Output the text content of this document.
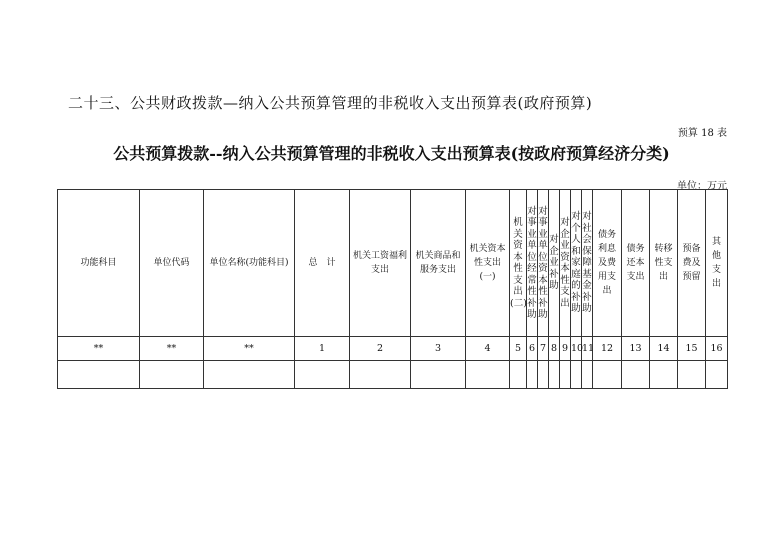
二十三、公共财政拨款—纳入公共预算管理的非税收入支出预算表(政府预算)
预算 18 表
公共预算拨款--纳入公共预算管理的非税收入支出预算表(按政府预算经济分类)
单位：万元
功能科目	单位代码	单位名称(功能科目)	总　计	机关工资福利支出	机关商品和服务支出	机关资本性支出(一)	机关资本性支出(二)	对事业单位经常性补助	对事业单位资本性补助	对企业补助	对企业资本性支出	对个人和家庭的补助	对社会保障基金补助	债务利息及费用支出	债务还本支出	转移性支出	预备费及预留	其他支出
**	**	**	1	2	3	4	5	6	7	8	9	10	11	12	13	14	15	16
